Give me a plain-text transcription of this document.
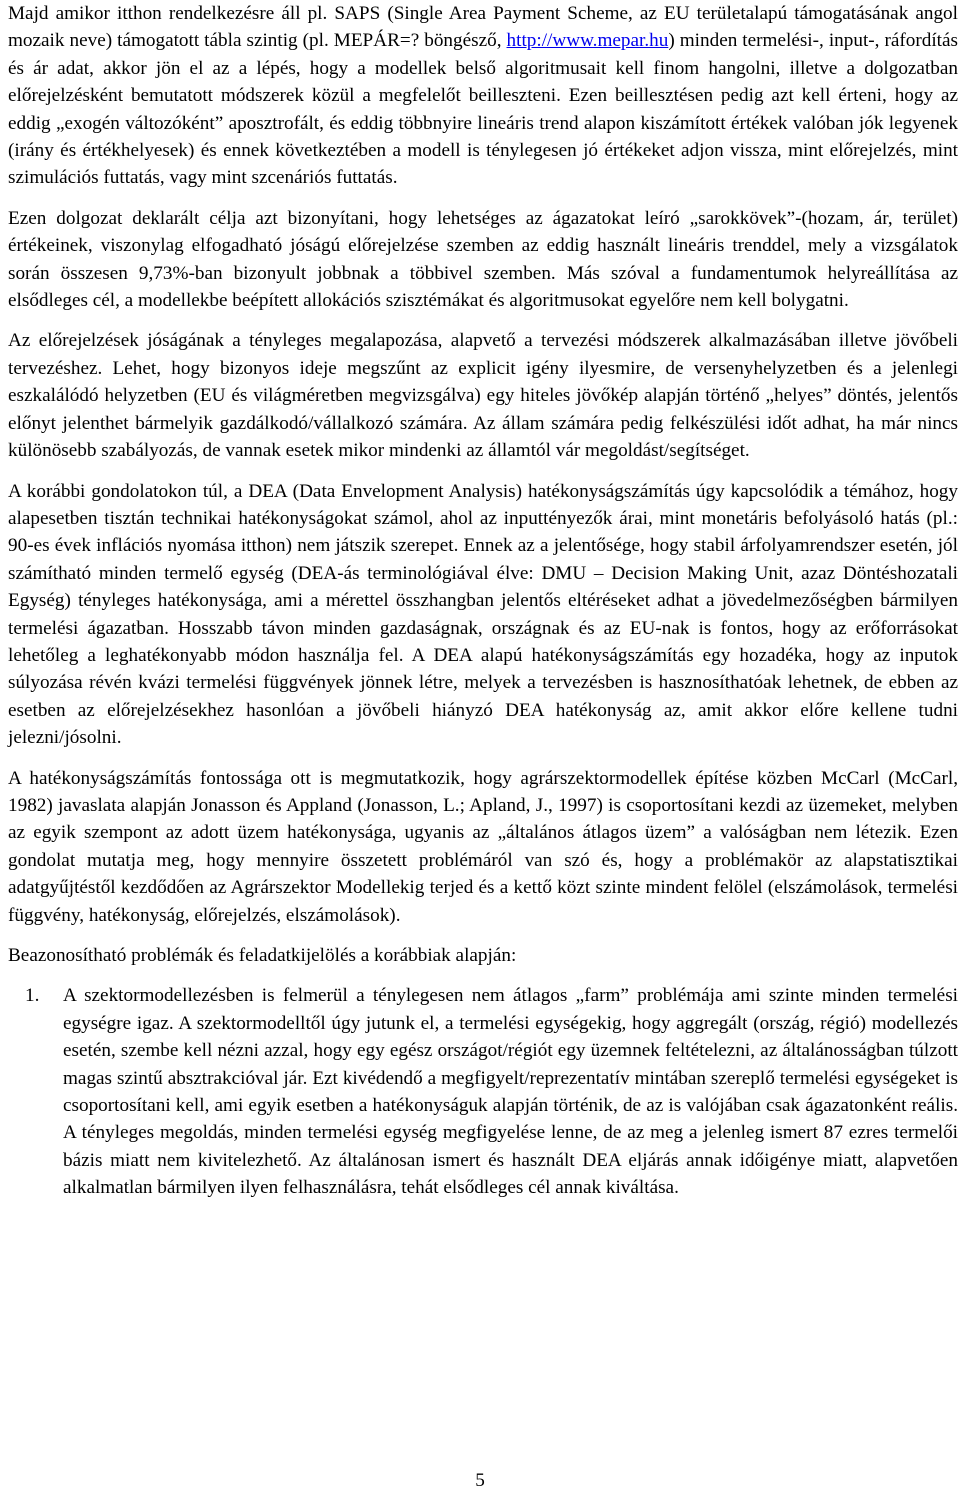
Majd amikor itthon rendelkezésre áll pl. SAPS (Single Area Payment Scheme, az EU területalapú támogatásának angol mozaik neve) támogatott tábla szintig (pl. MEPÁR=? böngésző, http://www.mepar.hu) minden termelési-, input-, ráfordítás és ár adat, akkor jön el az a lépés, hogy a modellek belső algoritmusait kell finom hangolni, illetve a dolgozatban előrejelzésként bemutatott módszerek közül a megfelelőt beilleszteni. Ezen beillesztésen pedig azt kell érteni, hogy az eddig „exogén változóként” aposztrofált, és eddig többnyire lineáris trend alapon kiszámított értékek valóban jók legyenek (irány és értékhelyesek) és ennek következtében a modell is ténylegesen jó értékeket adjon vissza, mint előrejelzés, mint szimulációs futtatás, vagy mint szcenáriós futtatás.

Ezen dolgozat deklarált célja azt bizonyítani, hogy lehetséges az ágazatokat leíró „sarokkövek”-(hozam, ár, terület) értékeinek, viszonylag elfogadható jóságú előrejelzése szemben az eddig használt lineáris trenddel, mely a vizsgálatok során összesen 9,73%-ban bizonyult jobbnak a többivel szemben. Más szóval a fundamentumok helyreállítása az elsődleges cél, a modellekbe beépített allokációs szisztémákat és algoritmusokat egyelőre nem kell bolygatni.

Az előrejelzések jóságának a tényleges megalapozása, alapvető a tervezési módszerek alkalmazásában illetve jövőbeli tervezéshez. Lehet, hogy bizonyos ideje megszűnt az explicit igény ilyesmire, de versenyhelyzetben és a jelenlegi eszkalálódó helyzetben (EU és világméretben megvizsgálva) egy hiteles jövőkép alapján történő „helyes” döntés, jelentős előnyt jelenthet bármelyik gazdálkodó/vállalkozó számára. Az állam számára pedig felkészülési időt adhat, ha már nincs különösebb szabályozás, de vannak esetek mikor mindenki az államtól vár megoldást/segítséget.

A korábbi gondolatokon túl, a DEA (Data Envelopment Analysis) hatékonyságszámítás úgy kapcsolódik a témához, hogy alapesetben tisztán technikai hatékonyságokat számol, ahol az inputtényezők árai, mint monetáris befolyásoló hatás (pl.: 90-es évek inflációs nyomása itthon) nem játszik szerepet. Ennek az a jelentősége, hogy stabil árfolyamrendszer esetén, jól számítható minden termelő egység (DEA-ás terminológiával élve: DMU – Decision Making Unit, azaz Döntéshozatali Egység) tényleges hatékonysága, ami a mérettel összhangban jelentős eltéréseket adhat a jövedelmezőségben bármilyen termelési ágazatban. Hosszabb távon minden gazdaságnak, országnak és az EU-nak is fontos, hogy az erőforrásokat lehetőleg a leghatékonyabb módon használja fel. A DEA alapú hatékonyságszámítás egy hozadéka, hogy az inputok súlyozása révén kvázi termelési függvények jönnek létre, melyek a tervezésben is hasznosíthatóak lehetnek, de ebben az esetben az előrejelzésekhez hasonlóan a jövőbeli hiányzó DEA hatékonyság az, amit akkor előre kellene tudni jelezni/jósolni.

A hatékonyságszámítás fontossága ott is megmutatkozik, hogy agrárszektormodellek építése közben McCarl (McCarl, 1982) javaslata alapján Jonasson és Appland (Jonasson, L.; Apland, J., 1997) is csoportosítani kezdi az üzemeket, melyben az egyik szempont az adott üzem hatékonysága, ugyanis az „általános átlagos üzem” a valóságban nem létezik. Ezen gondolat mutatja meg, hogy mennyire összetett problémáról van szó és, hogy a problémakör az alapstatisztikai adatgyűjtéstől kezdődően az Agrárszektor Modellekig terjed és a kettő közt szinte mindent felölel (elszámolások, termelési függvény, hatékonyság, előrejelzés, elszámolások).

Beazonosítható problémák és feladatkijelölés a korábbiak alapján:

1. A szektormodellezésben is felmerül a ténylegesen nem átlagos „farm” problémája ami szinte minden termelési egységre igaz. A szektormodelltől úgy jutunk el, a termelési egységekig, hogy aggregált (ország, régió) modellezés esetén, szembe kell nézni azzal, hogy egy egész országot/régiót egy üzemnek feltételezni, az általánosságban túlzott magas szintű absztrakcióval jár. Ezt kivédendő a megfigyelt/reprezentatív mintában szereplő termelési egységeket is csoportosítani kell, ami egyik esetben a hatékonyságuk alapján történik, de az is valójában csak ágazatonként reális. A tényleges megoldás, minden termelési egység megfigyelése lenne, de az meg a jelenleg ismert 87 ezres termelői bázis miatt nem kivitelezhető. Az általánosan ismert és használt DEA eljárás annak időigénye miatt, alapvetően alkalmatlan bármilyen ilyen felhasználásra, tehát elsődleges cél annak kiváltása.
5
